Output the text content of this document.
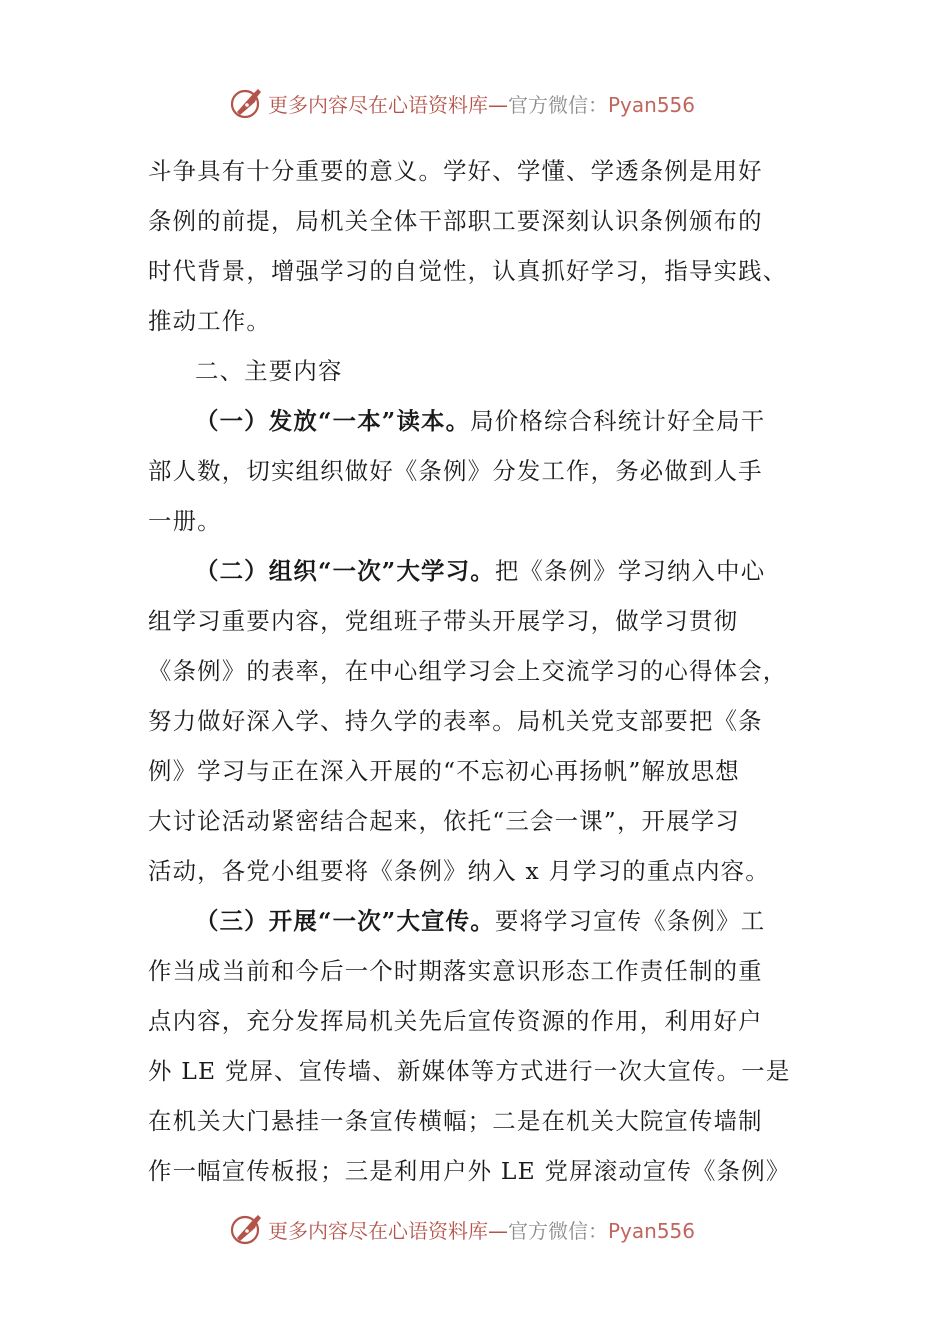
更多内容尽在心语资料库—官方微信：Pyan556
斗争具有十分重要的意义。学好、学懂、学透条例是用好
条例的前提，局机关全体干部职工要深刻认识条例颁布的
时代背景，增强学习的自觉性，认真抓好学习，指导实践、
推动工作。
二、主要内容
（一）发放“一本”读本。局价格综合科统计好全局干
部人数，切实组织做好《条例》分发工作，务必做到人手
一册。
（二）组织“一次”大学习。把《条例》学习纳入中心
组学习重要内容，党组班子带头开展学习，做学习贯彻
《条例》的表率，在中心组学习会上交流学习的心得体会，
努力做好深入学、持久学的表率。局机关党支部要把《条
例》学习与正在深入开展的“不忘初心再扬帆”解放思想
大讨论活动紧密结合起来，依托“三会一课”，开展学习
活动，各党小组要将《条例》纳入 x 月学习的重点内容。
（三）开展“一次”大宣传。要将学习宣传《条例》工
作当成当前和今后一个时期落实意识形态工作责任制的重
点内容，充分发挥局机关先后宣传资源的作用，利用好户
外 LE 党屏、宣传墙、新媒体等方式进行一次大宣传。一是
在机关大门悬挂一条宣传横幅；二是在机关大院宣传墙制
作一幅宣传板报；三是利用户外 LE 党屏滚动宣传《条例》
更多内容尽在心语资料库—官方微信：Pyan556
